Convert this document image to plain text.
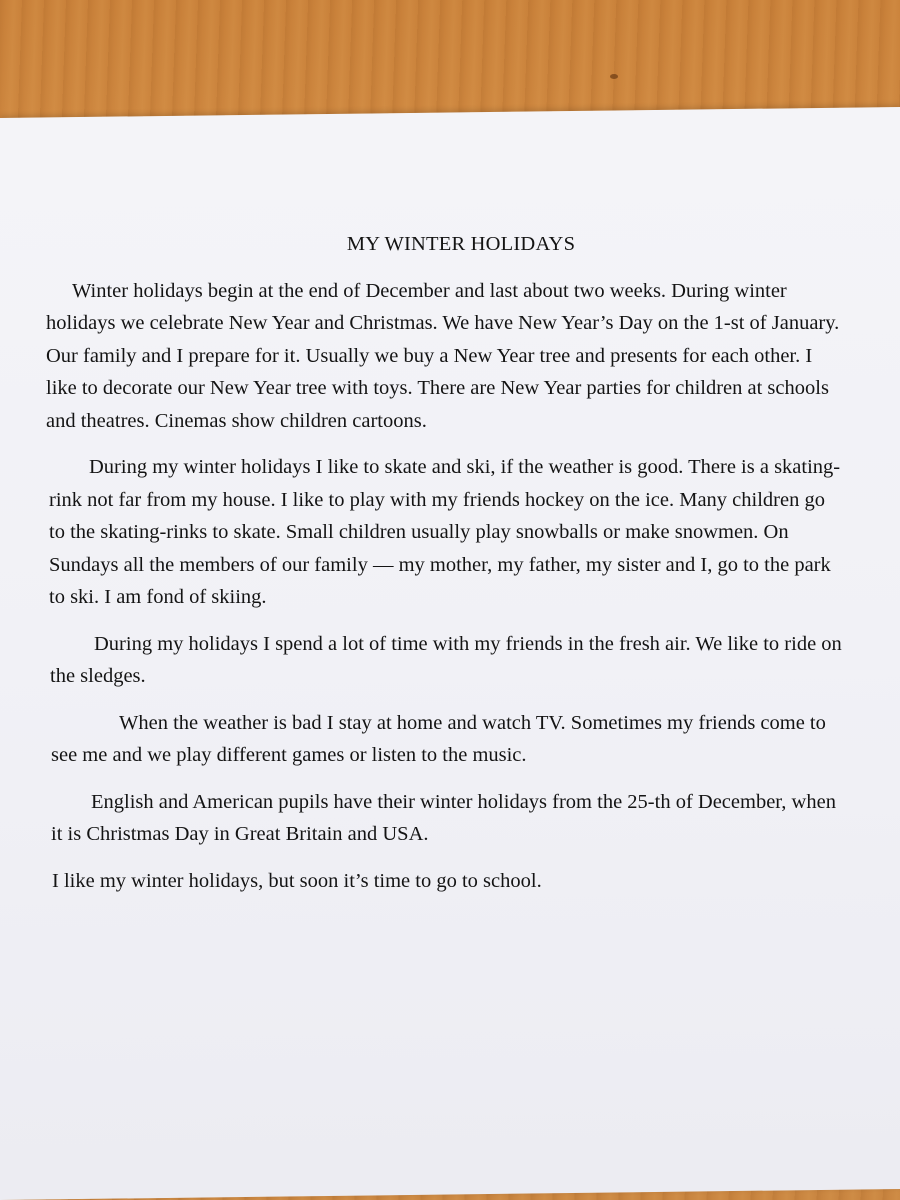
MY WINTER HOLIDAYS

Winter holidays begin at the end of December and last about two weeks. During winter holidays we celebrate New Year and Christmas. We have New Year’s Day on the 1-st of January. Our family and I prepare for it. Usually we buy a New Year tree and presents for each other. I like to decorate our New Year tree with toys. There are New Year parties for children at schools and theatres. Cinemas show children cartoons.

During my winter holidays I like to skate and ski, if the weather is good. There is a skating-rink not far from my house. I like to play with my friends hockey on the ice. Many children go to the skating-rinks to skate. Small children usually play snowballs or make snowmen. On Sundays all the members of our family — my mother, my father, my sister and I, go to the park to ski. I am fond of skiing.

During my holidays I spend a lot of time with my friends in the fresh air. We like to ride on the sledges.

When the weather is bad I stay at home and watch TV. Sometimes my friends come to see me and we play different games or listen to the music.

English and American pupils have their winter holidays from the 25-th of December, when it is Christmas Day in Great Britain and USA.

I like my winter holidays, but soon it’s time to go to school.
